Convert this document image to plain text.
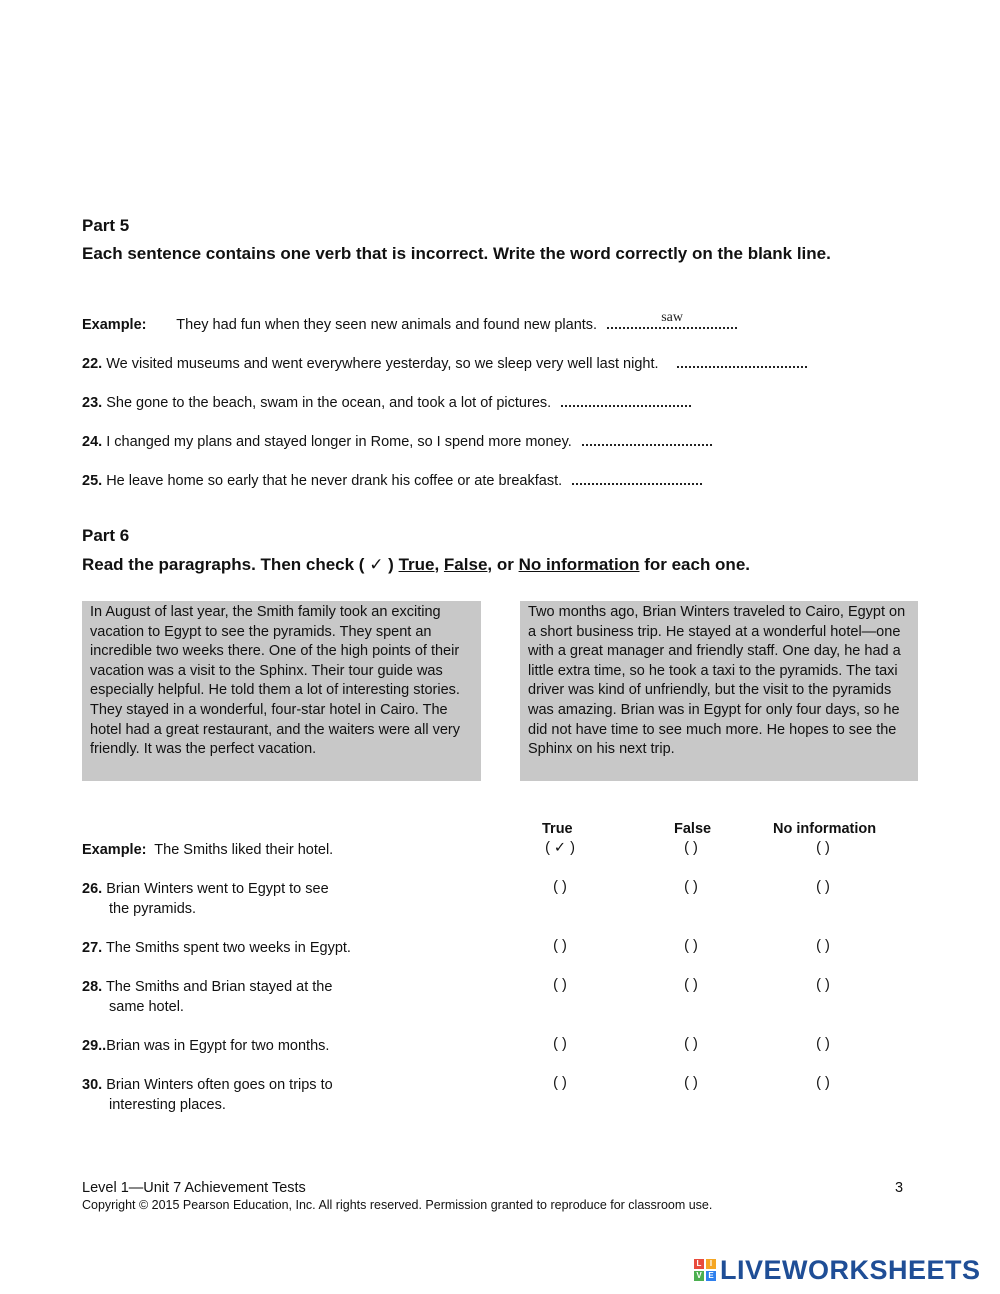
Part 5
Each sentence contains one verb that is incorrect. Write the word correctly on the blank line.
Example: They had fun when they seen new animals and found new plants.	saw
22. We visited museums and went everywhere yesterday, so we sleep very well last night.
23. She gone to the beach, swam in the ocean, and took a lot of pictures.
24. I changed my plans and stayed longer in Rome, so I spend more money.
25. He leave home so early that he never drank his coffee or ate breakfast.
Part 6
Read the paragraphs. Then check ( ✓ ) True, False, or No information for each one.
In August of last year, the Smith family took an exciting vacation to Egypt to see the pyramids. They spent an incredible two weeks there. One of the high points of their vacation was a visit to the Sphinx. Their tour guide was especially helpful. He told them a lot of interesting stories. They stayed in a wonderful, four-star hotel in Cairo. The hotel had a great restaurant, and the waiters were all very friendly. It was the perfect vacation.
Two months ago, Brian Winters traveled to Cairo, Egypt on a short business trip. He stayed at a wonderful hotel—one with a great manager and friendly staff. One day, he had a little extra time, so he took a taxi to the pyramids. The taxi driver was kind of unfriendly, but the visit to the pyramids was amazing. Brian was in Egypt for only four days, so he did not have time to see much more. He hopes to see the Sphinx on his next trip.
True	False	No information
Example: The Smiths liked their hotel.	( ✓ )	( )	( )
26. Brian Winters went to Egypt to see
the pyramids.
( )	( )	( )
27. The Smiths spent two weeks in Egypt.	( )	( )	( )
28. The Smiths and Brian stayed at the
same hotel.
( )	( )	( )
29..Brian was in Egypt for two months.	( )	( )	( )
30. Brian Winters often goes on trips to
interesting places.
( )	( )	( )
Level 1—Unit 7 Achievement Tests	3
Copyright © 2015 Pearson Education, Inc. All rights reserved. Permission granted to reproduce for classroom use.
L	I
V E LIVEWORKSHEETS
